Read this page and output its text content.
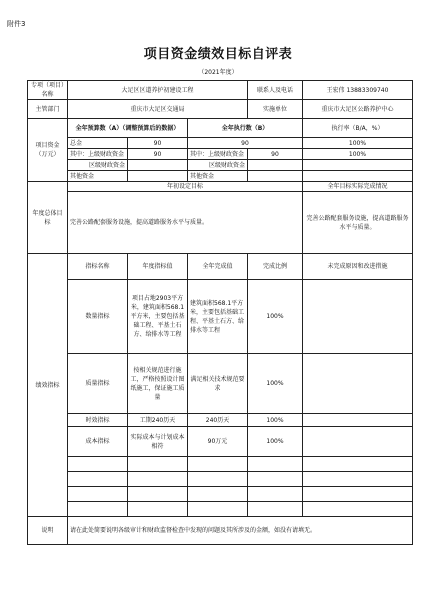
附件3
项目资金绩效目标自评表
（2021年度）
专项（项目）名称	大足区区道养护初建设工程			联系人及电话	王宏伟 13883309740
主管部门	重庆市大足区交通局			实施单位	重庆市大足区公路养护中心
项目资金（万元）	全年预算数（A）（调整预算后的数据）		全年执行数（B）		执行率（B/A，%）
	总金	90	90		100%
	其中：上级财政资金	90	其中：上级财政资金	90	100%
	区级财政资金		区级财政资金		
	其他资金		其他资金		
年度总体目标	年初设定目标				全年目标实际完成情况
	完善公路配套服务设施，提高道路服务水平与质量。				完善公路配套服务设施，提高道路服务水平与质量。
绩效指标	指标名称	年度指标值	全年完成值	完成比例	未完成原因和改进措施
	数量指标	项目占地2903平方米，建筑面积568.1平方米，主要包括基础工程、平基土石方、给排水等工程	建筑面积568.1平方米，主要包括基础工程、平基土石方、给排水等工程	100%	
	质量指标	按相关规范进行施工，严格按照设计图纸施工，保证施工质量	满足相关技术规范要求	100%	
	时效指标	工期240历天	240历天	100%	
	成本指标	实际成本与计划成本相符	90万元	100%	

说明	请在此处简要说明各级审计和财政监督检查中发现的问题及其所涉及的金额，如没有请填无。				
